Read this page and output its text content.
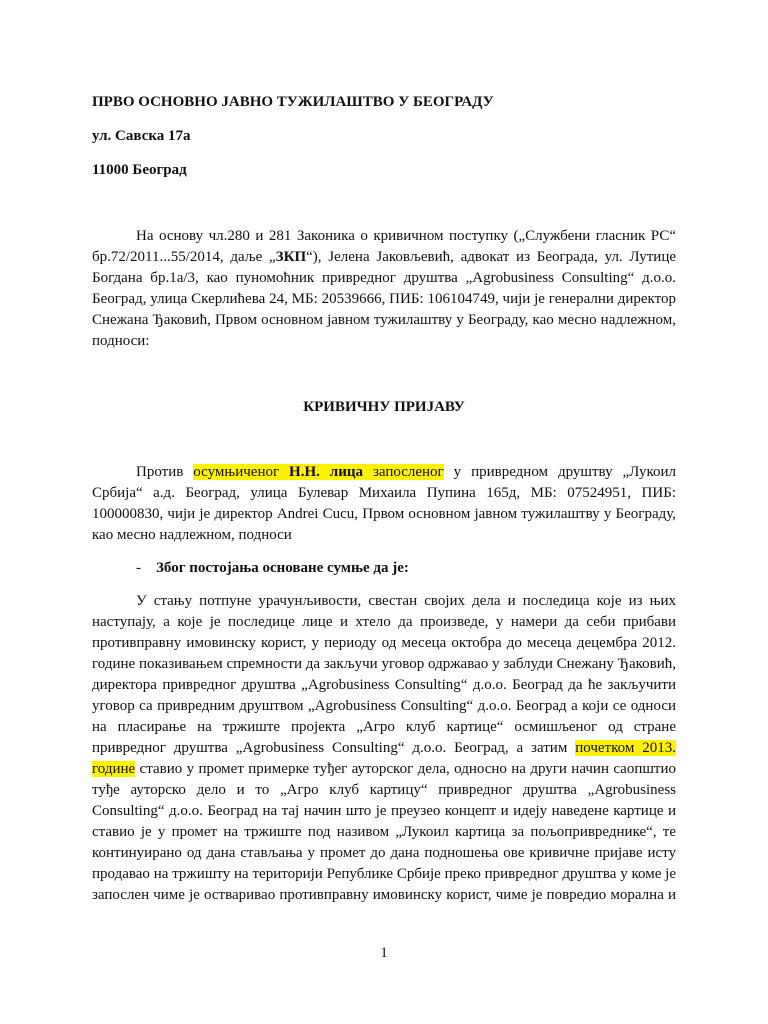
ПРВО ОСНОВНО ЈАВНО ТУЖИЛАШТВО У БЕОГРАДУ
ул. Савска 17а
11000 Београд
На основу чл.280 и 281 Законика о кривичном поступку („Службени гласник РС“
бр.72/2011...55/2014, даље „ЗКП“), Јелена Јаковљевић, адвокат из Београда, ул. Лутице
Богдана бр.1а/3, као пуномоћник привредног друштва „Agrobusiness Consulting“ д.о.о.
Београд, улица Скерлићева 24, МБ: 20539666, ПИБ: 106104749, чији је генерални директор
Снежана Ђаковић, Првом основном јавном тужилаштву у Београду, као месно надлежном,
подноси:
КРИВИЧНУ ПРИЈАВУ
Против осумњиченог Н.Н. лица запосленог у привредном друштву „Лукоил
Србија“ а.д. Београд, улица Булевар Михаила Пупина 165д, МБ: 07524951, ПИБ:
100000830, чији је директор Andrei Cucu, Првом основном јавном тужилаштву у Београду,
као месно надлежном, подноси
- Због постојања основане сумње да је:
У стању потпуне урачунљивости, свестан својих дела и последица које из њих
наступају, а које је последице лице и хтело да произведе, у намери да себи прибави
противправну имовинску корист, у периоду од месеца октобра до месеца децембра 2012.
године показивањем спремности да закључи уговор одржавао у заблуди Снежану Ђаковић,
директора привредног друштва „Agrobusiness Consulting“ д.о.о. Београд да ће закључити
уговор са привредним друштвом „Agrobusiness Consulting“ д.о.о. Београд а који се односи
на пласирање на тржиште пројекта „Агро клуб картице“ осмишљеног од стране
привредног друштва „Agrobusiness Consulting“ д.о.о. Београд, а затим почетком 2013.
године ставио у промет примерке туђег ауторског дела, односно на други начин саопштио
туђе ауторско дело и то „Агро клуб картицу“ привредног друштва „Agrobusiness
Consulting“ д.о.о. Београд на тај начин што је преузео концепт и идеју наведене картице и
ставио је у промет на тржиште под називом „Лукоил картица за пољопривреднике“, те
континуирано од дана стављања у промет до дана подношења ове кривичне пријаве исту
продавао на тржишту на територији Републике Србије преко привредног друштва у коме је
запослен чиме је остваривао противправну имовинску корист, чиме је повредио морална и
1
